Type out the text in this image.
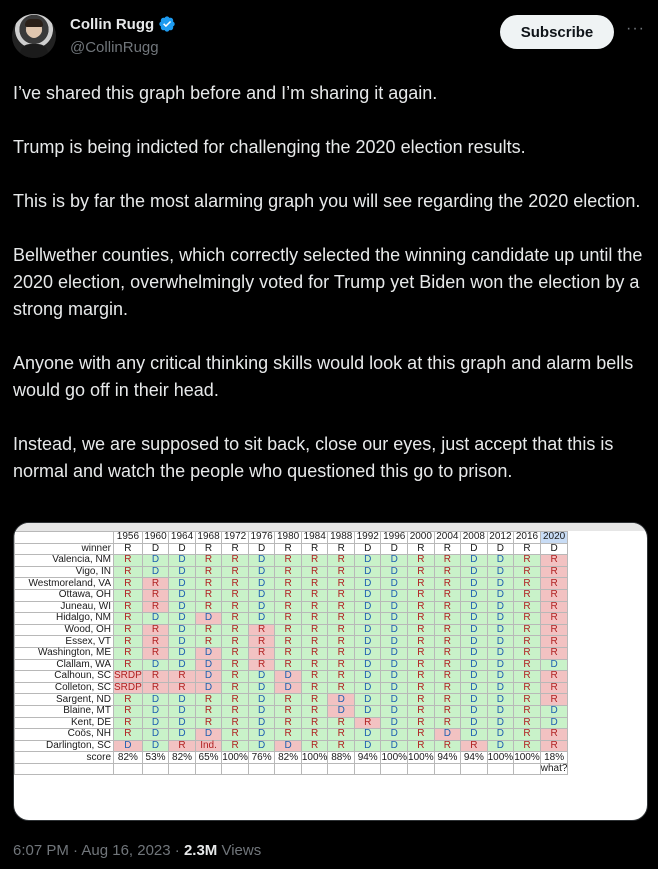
Collin Rugg
@CollinRugg
Subscribe	···

I’ve shared this graph before and I’m sharing it again.

Trump is being indicted for challenging the 2020 election results.

This is by far the most alarming graph you will see regarding the 2020 election.

Bellwether counties, which correctly selected the winning candidate up until the 2020 election, overwhelmingly voted for Trump yet Biden won the election by a strong margin.

Anyone with any critical thinking skills would look at this graph and alarm bells would go off in their head.

Instead, we are supposed to sit back, close our eyes, just accept that this is normal and watch the people who questioned this go to prison.

	1956	1960	1964	1968	1972	1976	1980	1984	1988	1992	1996	2000	2004	2008	2012	2016	2020
winner	R	D	D	R	R	D	R	R	R	D	D	R	R	D	D	R	D
Valencia, NM	R	D	D	R	R	D	R	R	R	D	D	R	R	D	D	R	R
Vigo, IN	R	D	D	R	R	D	R	R	R	D	D	R	R	D	D	R	R
Westmoreland, VA	R	R	D	R	R	D	R	R	R	D	D	R	R	D	D	R	R
Ottawa, OH	R	R	D	R	R	D	R	R	R	D	D	R	R	D	D	R	R
Juneau, WI	R	R	D	R	R	D	R	R	R	D	D	R	R	D	D	R	R
Hidalgo, NM	R	D	D	D	R	D	R	R	R	D	D	R	R	D	D	R	R
Wood, OH	R	R	D	R	R	R	R	R	R	D	D	R	R	D	D	R	R
Essex, VT	R	R	D	R	R	R	R	R	R	D	D	R	R	D	D	R	R
Washington, ME	R	R	D	D	R	R	R	R	R	D	D	R	R	D	D	R	R
Clallam, WA	R	D	D	D	R	R	R	R	R	D	D	R	R	D	D	R	D
Calhoun, SC	SRDP	R	R	D	R	D	D	R	R	D	D	R	R	D	D	R	R
Colleton, SC	SRDP	R	R	D	R	D	D	R	R	D	D	R	R	D	D	R	R
Sargent, ND	R	D	D	R	R	D	R	R	D	D	D	R	R	D	D	R	R
Blaine, MT	R	D	D	R	R	D	R	R	D	D	D	R	R	D	D	R	D
Kent, DE	R	D	D	R	R	D	R	R	R	R	D	R	R	D	D	R	D
Coös, NH	R	D	D	D	R	D	R	R	R	D	D	R	D	D	D	R	R
Darlington, SC	D	D	R	Ind.	R	D	D	R	R	D	D	R	R	R	D	R	R
score	82%	53%	82%	65%	100%	76%	82%	100%	88%	94%	100%	100%	94%	94%	100%	100%	18%
																	what?
6:07 PM · Aug 16, 2023 · 2.3M Views
